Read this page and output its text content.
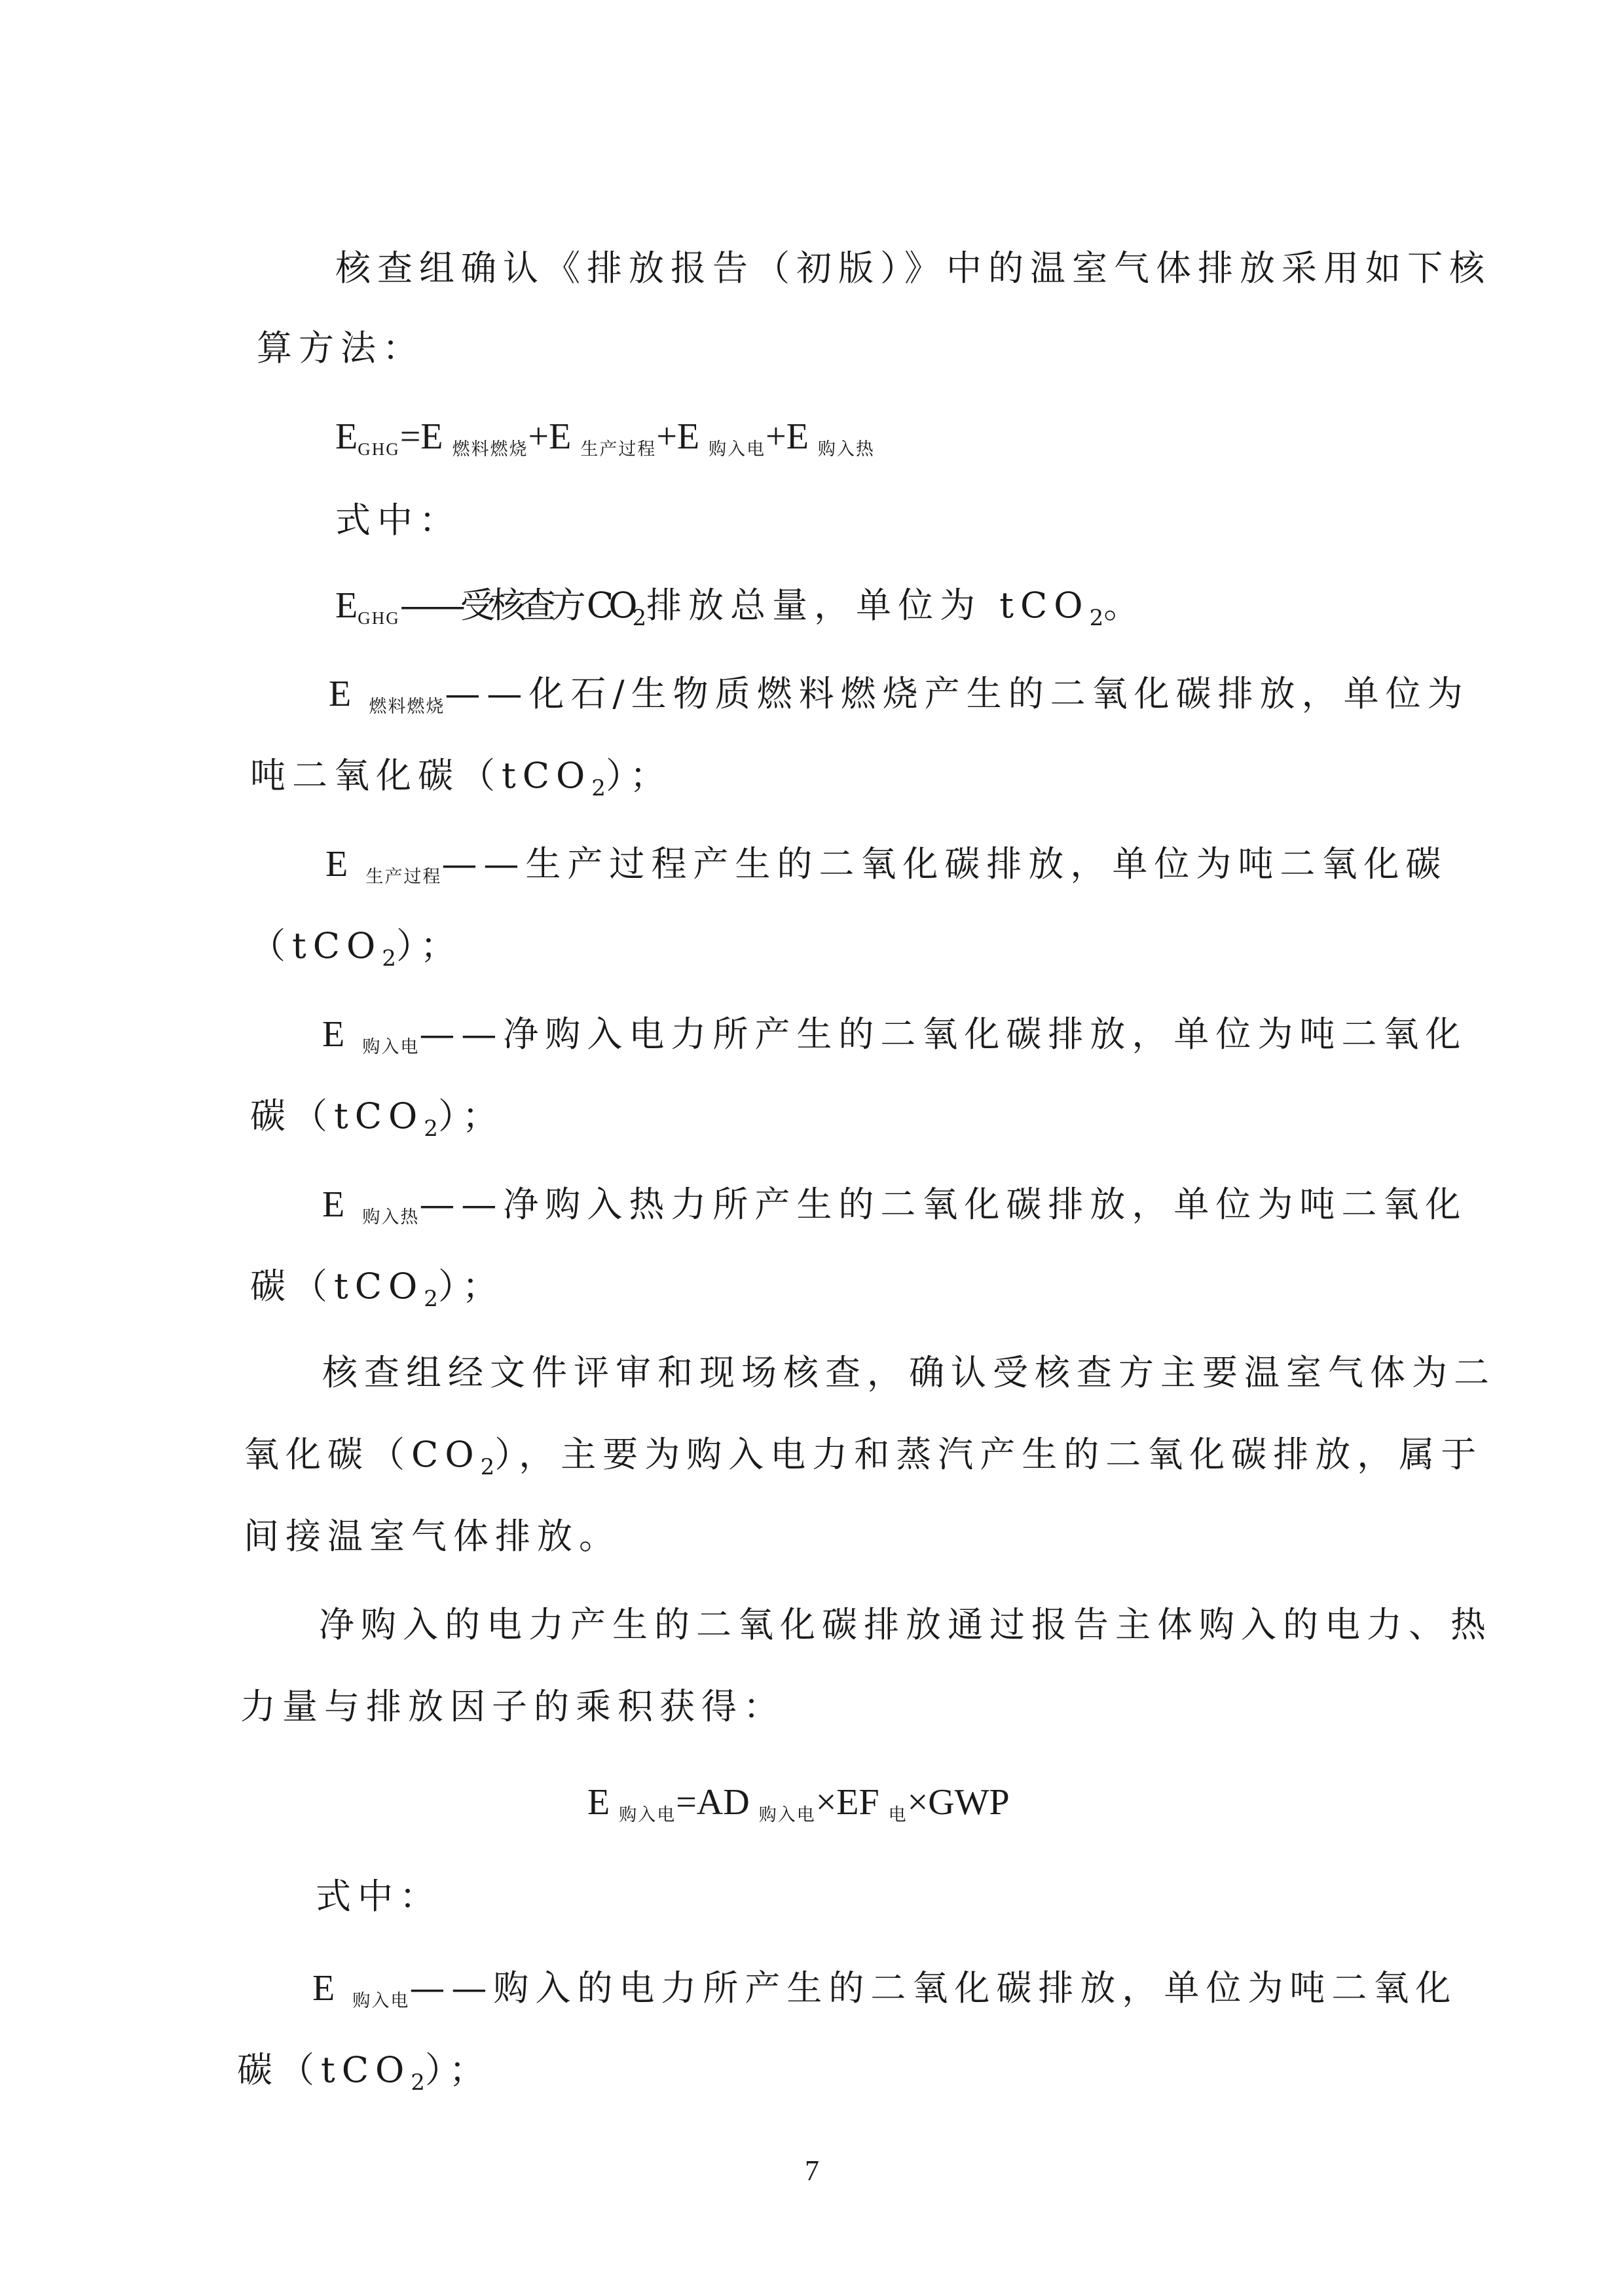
核查组确认《排放报告（初版）》中的温室气体排放采用如下核

算方法：

EGHG=E 燃料燃烧+E 生产过程+E 购入电+E 购入热

式中：

EGHG——受核查方 $CO_2$排放总量，单位为 tCO$_2$。

E 燃料燃烧——化石/生物质燃料燃烧产生的二氧化碳排放，单位为

吨二氧化碳（tCO$_2$）；

E 生产过程——生产过程产生的二氧化碳排放，单位为吨二氧化碳

（tCO$_2$）；

E 购入电——净购入电力所产生的二氧化碳排放，单位为吨二氧化

碳（tCO$_2$）；

E 购入热——净购入热力所产生的二氧化碳排放，单位为吨二氧化

碳（tCO$_2$）；

核查组经文件评审和现场核查，确认受核查方主要温室气体为二

氧化碳$(CO_2)$，主要为购入电力和蒸汽产生的二氧化碳排放，属于

间接温室气体排放。

净购入的电力产生的二氧化碳排放通过报告主体购入的电力、热

力量与排放因子的乘积获得：

E 购入电=AD 购入电×EF 电×GWP

式中：

E 购入电——购入的电力所产生的二氧化碳排放，单位为吨二氧化

碳（tCO$_2$）；

7
